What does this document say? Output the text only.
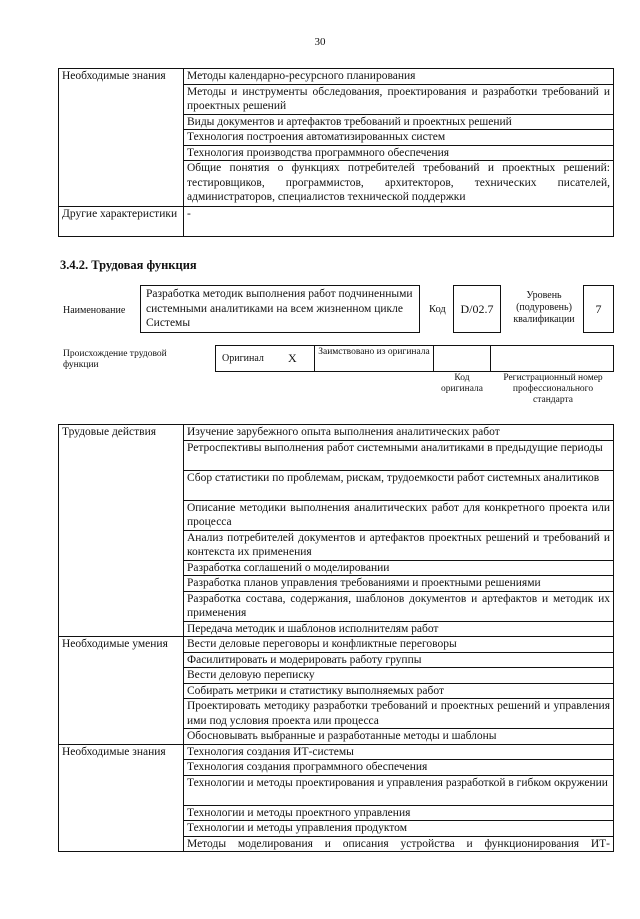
30
Необходимые знания	Методы календарно-ресурсного планирования
	Методы и инструменты обследования, проектирования и разработки требований и проектных решений
	Виды документов и артефактов требований и проектных решений
	Технология построения автоматизированных систем
	Технология производства программного обеспечения
	Общие понятия о функциях потребителей требований и проектных решений: тестировщиков, программистов, архитекторов, технических писателей, администраторов, специалистов технической поддержки
Другие характеристики	-
3.4.2. Трудовая функция
Наименование
Разработка методик выполнения работ подчиненными системными аналитиками на всем жизненном цикле Системы
Код	D/02.7
Уровень (подуровень) квалификации
7
Происхождение трудовой функции
Оригинал X	Заимствовано из оригинала
Код оригинала
Регистрационный номер профессионального стандарта
Трудовые действия	Изучение зарубежного опыта выполнения аналитических работ
	Ретроспективы выполнения работ системными аналитиками в предыдущие периоды
	Сбор статистики по проблемам, рискам, трудоемкости работ системных аналитиков
	Описание методики выполнения аналитических работ для конкретного проекта или процесса
	Анализ потребителей документов и артефактов проектных решений и требований и контекста их применения
	Разработка соглашений о моделировании
	Разработка планов управления требованиями и проектными решениями
	Разработка состава, содержания, шаблонов документов и артефактов и методик их применения
	Передача методик и шаблонов исполнителям работ
Необходимые умения	Вести деловые переговоры и конфликтные переговоры
	Фасилитировать и модерировать работу группы
	Вести деловую переписку
	Собирать метрики и статистику выполняемых работ
	Проектировать методику разработки требований и проектных решений и управления ими под условия проекта или процесса
	Обосновывать выбранные и разработанные методы и шаблоны
Необходимые знания	Технология создания ИТ-системы
	Технология создания программного обеспечения
	Технологии и методы проектирования и управления разработкой в гибком окружении
	Технологии и методы проектного управления
	Технологии и методы управления продуктом
	Методы моделирования и описания устройства и функционирования ИТ-
